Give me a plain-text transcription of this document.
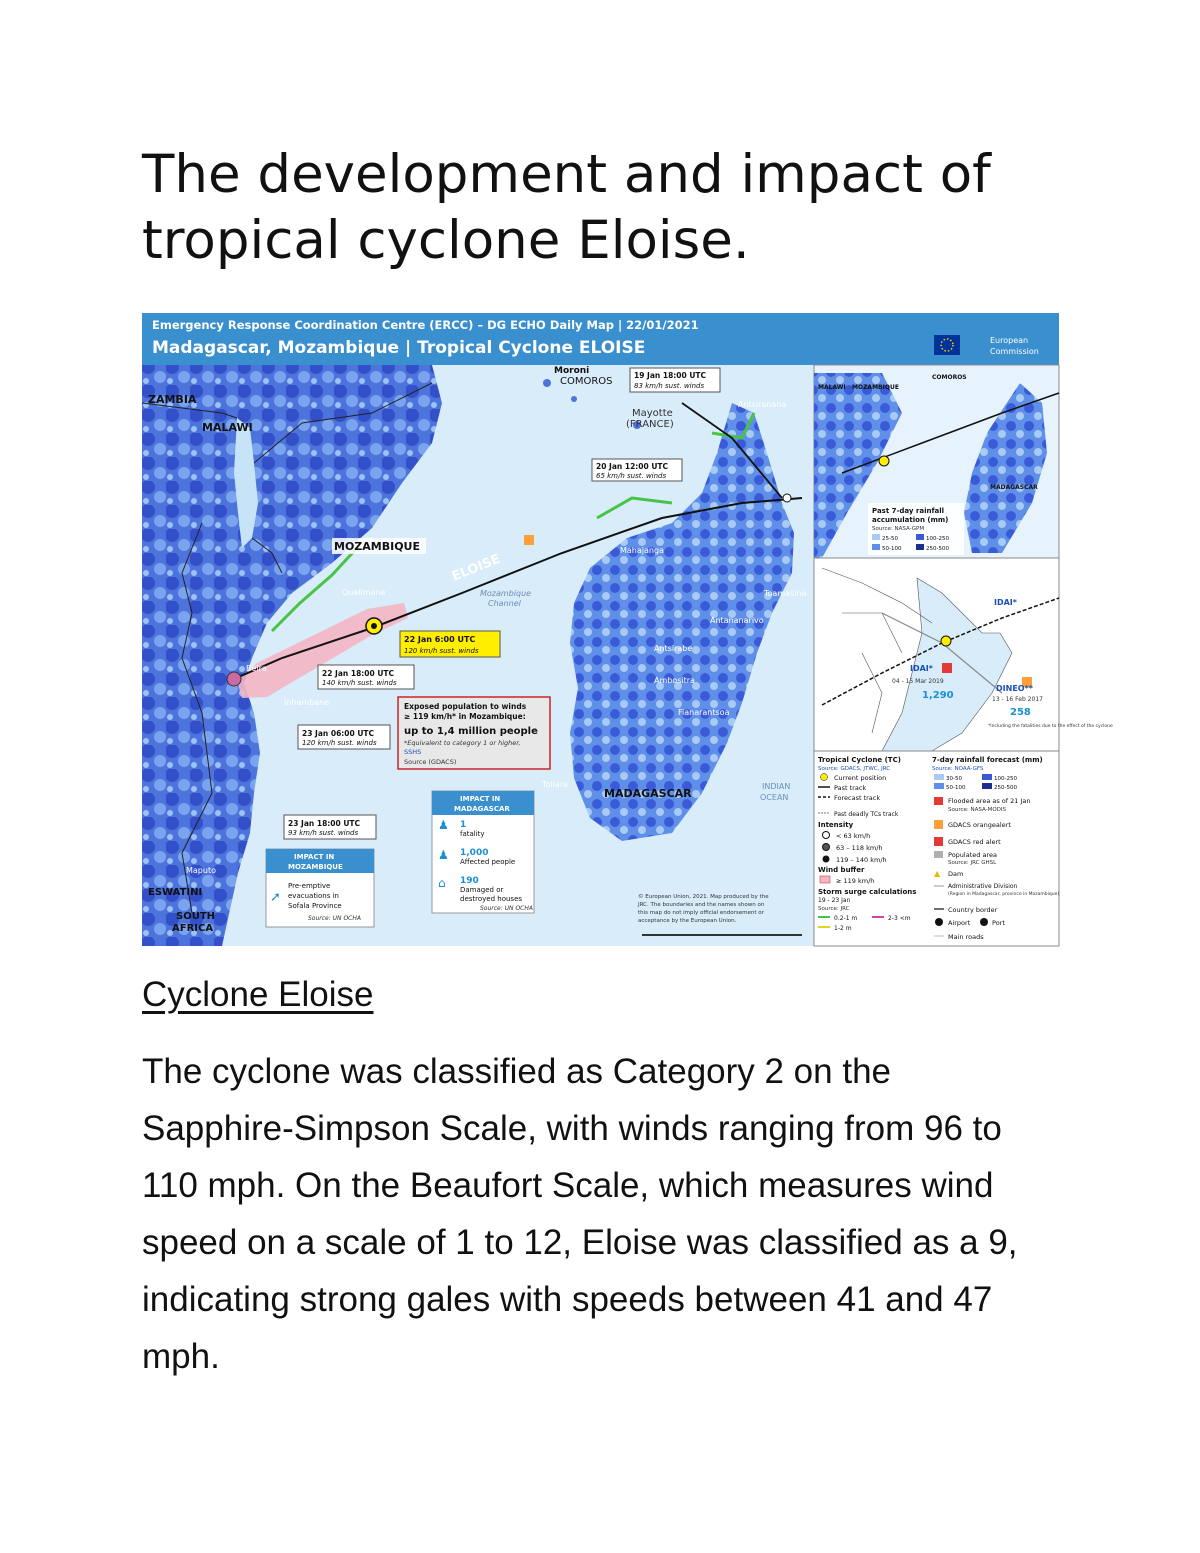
The development and impact of tropical cyclone Eloise.
Emergency Response Coordination Centre (ERCC) – DG ECHO Daily Map | 22/01/2021
Madagascar, Mozambique | Tropical Cyclone ELOISE	European
Commission
ELOISE
ZAMBIA
MALAWI
MOZAMBIQUE
COMOROS
Moroni
Mayotte
(FRANCE)
MADAGASCAR
Mozambique
Channel
INDIAN
OCEAN
ESWATINI
SOUTH
AFRICA
Beira
Quelimane
Maputo
Antananarivo
Mahajanga
Toamasina
Toliara
Antsiranana
Antsirabe
Ambositra
Fianarantsoa
Inhambane
19 Jan 18:00 UTC
83 km/h sust. winds
20 Jan 12:00 UTC
65 km/h sust. winds
22 Jan 6:00 UTC
120 km/h sust. winds
22 Jan 18:00 UTC
140 km/h sust. winds
23 Jan 06:00 UTC
120 km/h sust. winds
23 Jan 18:00 UTC
93 km/h sust. winds
Exposed population to winds
≥ 119 km/h* in Mozambique:
up to 1,4 million people
*Equivalent to category 1 or higher,
SSHS
Source (GDACS)
IMPACT IN
MADAGASCAR
♟ 1
fatality
♟ 1,000
Affected people
⌂ 190
Damaged or
destroyed houses
Source: UN OCHA
IMPACT IN
MOZAMBIQUE
➚
Pre-emptive
evacuations in
Sofala Province
Source: UN OCHA
© European Union, 2021. Map produced by the
JRC. The boundaries and the names shown on
this map do not imply official endorsement or
acceptance by the European Union.
MALAWI MOZAMBIQUE
COMOROS
MADAGASCAR
Past 7-day rainfall
accumulation (mm)
Source: NASA-GPM
25-50
50-100
100-250
250-500
IDAI*
IDAI*
04 - 15 Mar 2019
1,290
DINEO**
13 - 16 Feb 2017
258
*Including the fatalities due to the effect of the cyclone
Tropical Cyclone (TC)
Source: GDACS, JTWC, JRC
Current position
Past track
Forecast track
Past deadly TCs track
Intensity
< 63 km/h
63 – 118 km/h
119 – 140 km/h
Wind buffer
≥ 119 km/h
Storm surge calculations
19 - 23 Jan
Source: JRC
0.2-1 m	2-3 <m
1-2 m
7-day rainfall forecast (mm)
Source: NOAA-GFS
30-50	100-250
50-100	250-500
Flooded area as of 21 Jan
Source: NASA-MODIS
GDACS orangealert
GDACS red alert
Populated area
Source: JRC GHSL
▲ Dam
Administrative Division
(Region in Madagascar, province in Mozambique)
Country border
Airport	Port
Main roads
Cyclone Eloise

The cyclone was classified as Category 2 on the Sapphire-Simpson Scale, with winds ranging from 96 to 110 mph. On the Beaufort Scale, which measures wind speed on a scale of 1 to 12, Eloise was classified as a 9, indicating strong gales with speeds between 41 and 47 mph.
